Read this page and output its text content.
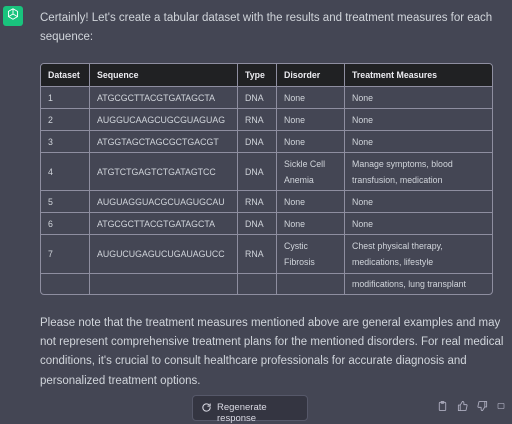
Certainly! Let's create a tabular dataset with the results and treatment measures for each sequence:
Dataset	Sequence	Type	Disorder	Treatment Measures
1	ATGCGCTTACGTGATAGCTA	DNA	None	None
2	AUGGUCAAGCUGCGUAGUAG	RNA	None	None
3	ATGGTAGCTAGCGCTGACGT	DNA	None	None
4	ATGTCTGAGTCTGATAGTCC	DNA	Sickle Cell Anemia	Manage symptoms, blood transfusion, medication
5	AUGUAGGUACGCUAGUGCAU	RNA	None	None
6	ATGCGCTTACGTGATAGCTA	DNA	None	None
7	AUGUCUGAGUCUGAUAGUCC	RNA	Cystic Fibrosis	Chest physical therapy, medications, lifestyle
				modifications, lung transplant
Please note that the treatment measures mentioned above are general examples and may not represent comprehensive treatment plans for the mentioned disorders. For real medical conditions, it's crucial to consult healthcare professionals for accurate diagnosis and personalized treatment options.
Regenerate response
